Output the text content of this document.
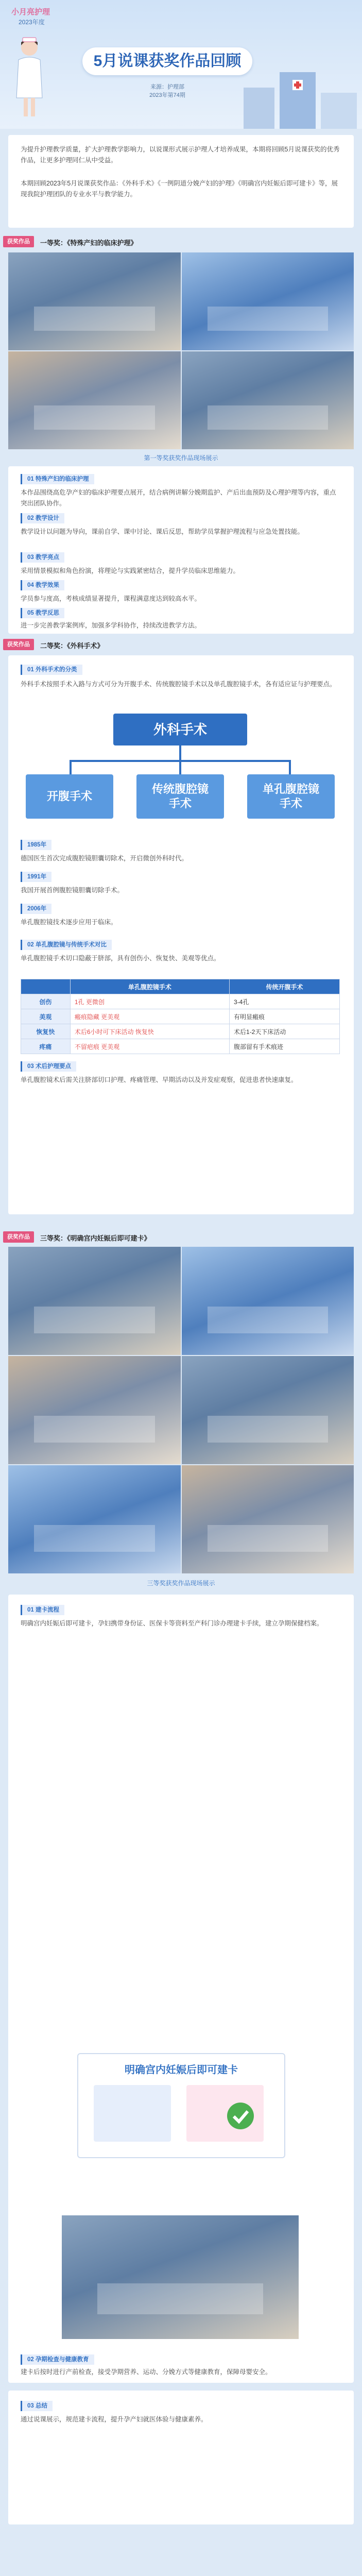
小月亮护理
2023年度
5月说课获奖作品回顾
来源：护理部
2023年第74期
为提升护理教学质量，扩大护理教学影响力，以说课形式展示护理人才培养成果，本期将回顾5月说课获奖的优秀作品，让更多护理同仁从中受益。
本期回顾2023年5月说课获奖作品：《外科手术》《一例阴道分娩产妇的护理》《明确宫内妊娠后即可建卡》等，展现我院护理团队的专业水平与教学能力。
获奖作品	一等奖：《特殊产妇的临床护理》
第一等奖获奖作品现场展示
01 特殊产妇的临床护理
本作品围绕高危孕产妇的临床护理要点展开，结合病例讲解分娩期监护、产后出血预防及心理护理等内容，重点突出团队协作。
02 教学设计
教学设计以问题为导向，课前自学、课中讨论、课后反思，帮助学员掌握护理流程与应急处置技能。
03 教学亮点
采用情景模拟和角色扮演，将理论与实践紧密结合，提升学员临床思维能力。
04 教学效果
学员参与度高，考核成绩显著提升，课程满意度达到较高水平。
05 教学反思
进一步完善教学案例库，加强多学科协作，持续改进教学方法。
获奖作品	二等奖：《外科手术》
01 外科手术的分类
外科手术按照手术入路与方式可分为开腹手术、传统腹腔镜手术以及单孔腹腔镜手术，各有适应证与护理要点。
外科手术
开腹手术
传统腹腔镜
手术
单孔腹腔镜
手术
1985年
德国医生首次完成腹腔镜胆囊切除术，开启微创外科时代。
1991年
我国开展首例腹腔镜胆囊切除手术。
2006年
单孔腹腔镜技术逐步应用于临床。
02 单孔腹腔镜与传统手术对比
单孔腹腔镜手术切口隐蔽于脐部，具有创伤小、恢复快、美观等优点。
	单孔腹腔镜手术	传统开腹手术
创伤	1孔 更微创	3-4孔
美观	瘢痕隐藏 更美观	有明显瘢痕
恢复快	术后6小时可下床活动 恢复快	术后1-2天下床活动
疼痛	不留疤痕 更美观	腹部留有手术痕迹
03 术后护理要点
单孔腹腔镜术后需关注脐部切口护理、疼痛管理、早期活动以及并发症观察，促进患者快速康复。
获奖作品	三等奖：《明确宫内妊娠后即可建卡》
三等奖获奖作品现场展示
01 建卡流程
明确宫内妊娠后即可建卡，孕妇携带身份证、医保卡等资料至产科门诊办理建卡手续，建立孕期保健档案。
明确宫内妊娠后即可建卡
02 孕期检查与健康教育
建卡后按时进行产前检查，接受孕期营养、运动、分娩方式等健康教育，保障母婴安全。
03 总结
通过说课展示，规范建卡流程，提升孕产妇就医体验与健康素养。
